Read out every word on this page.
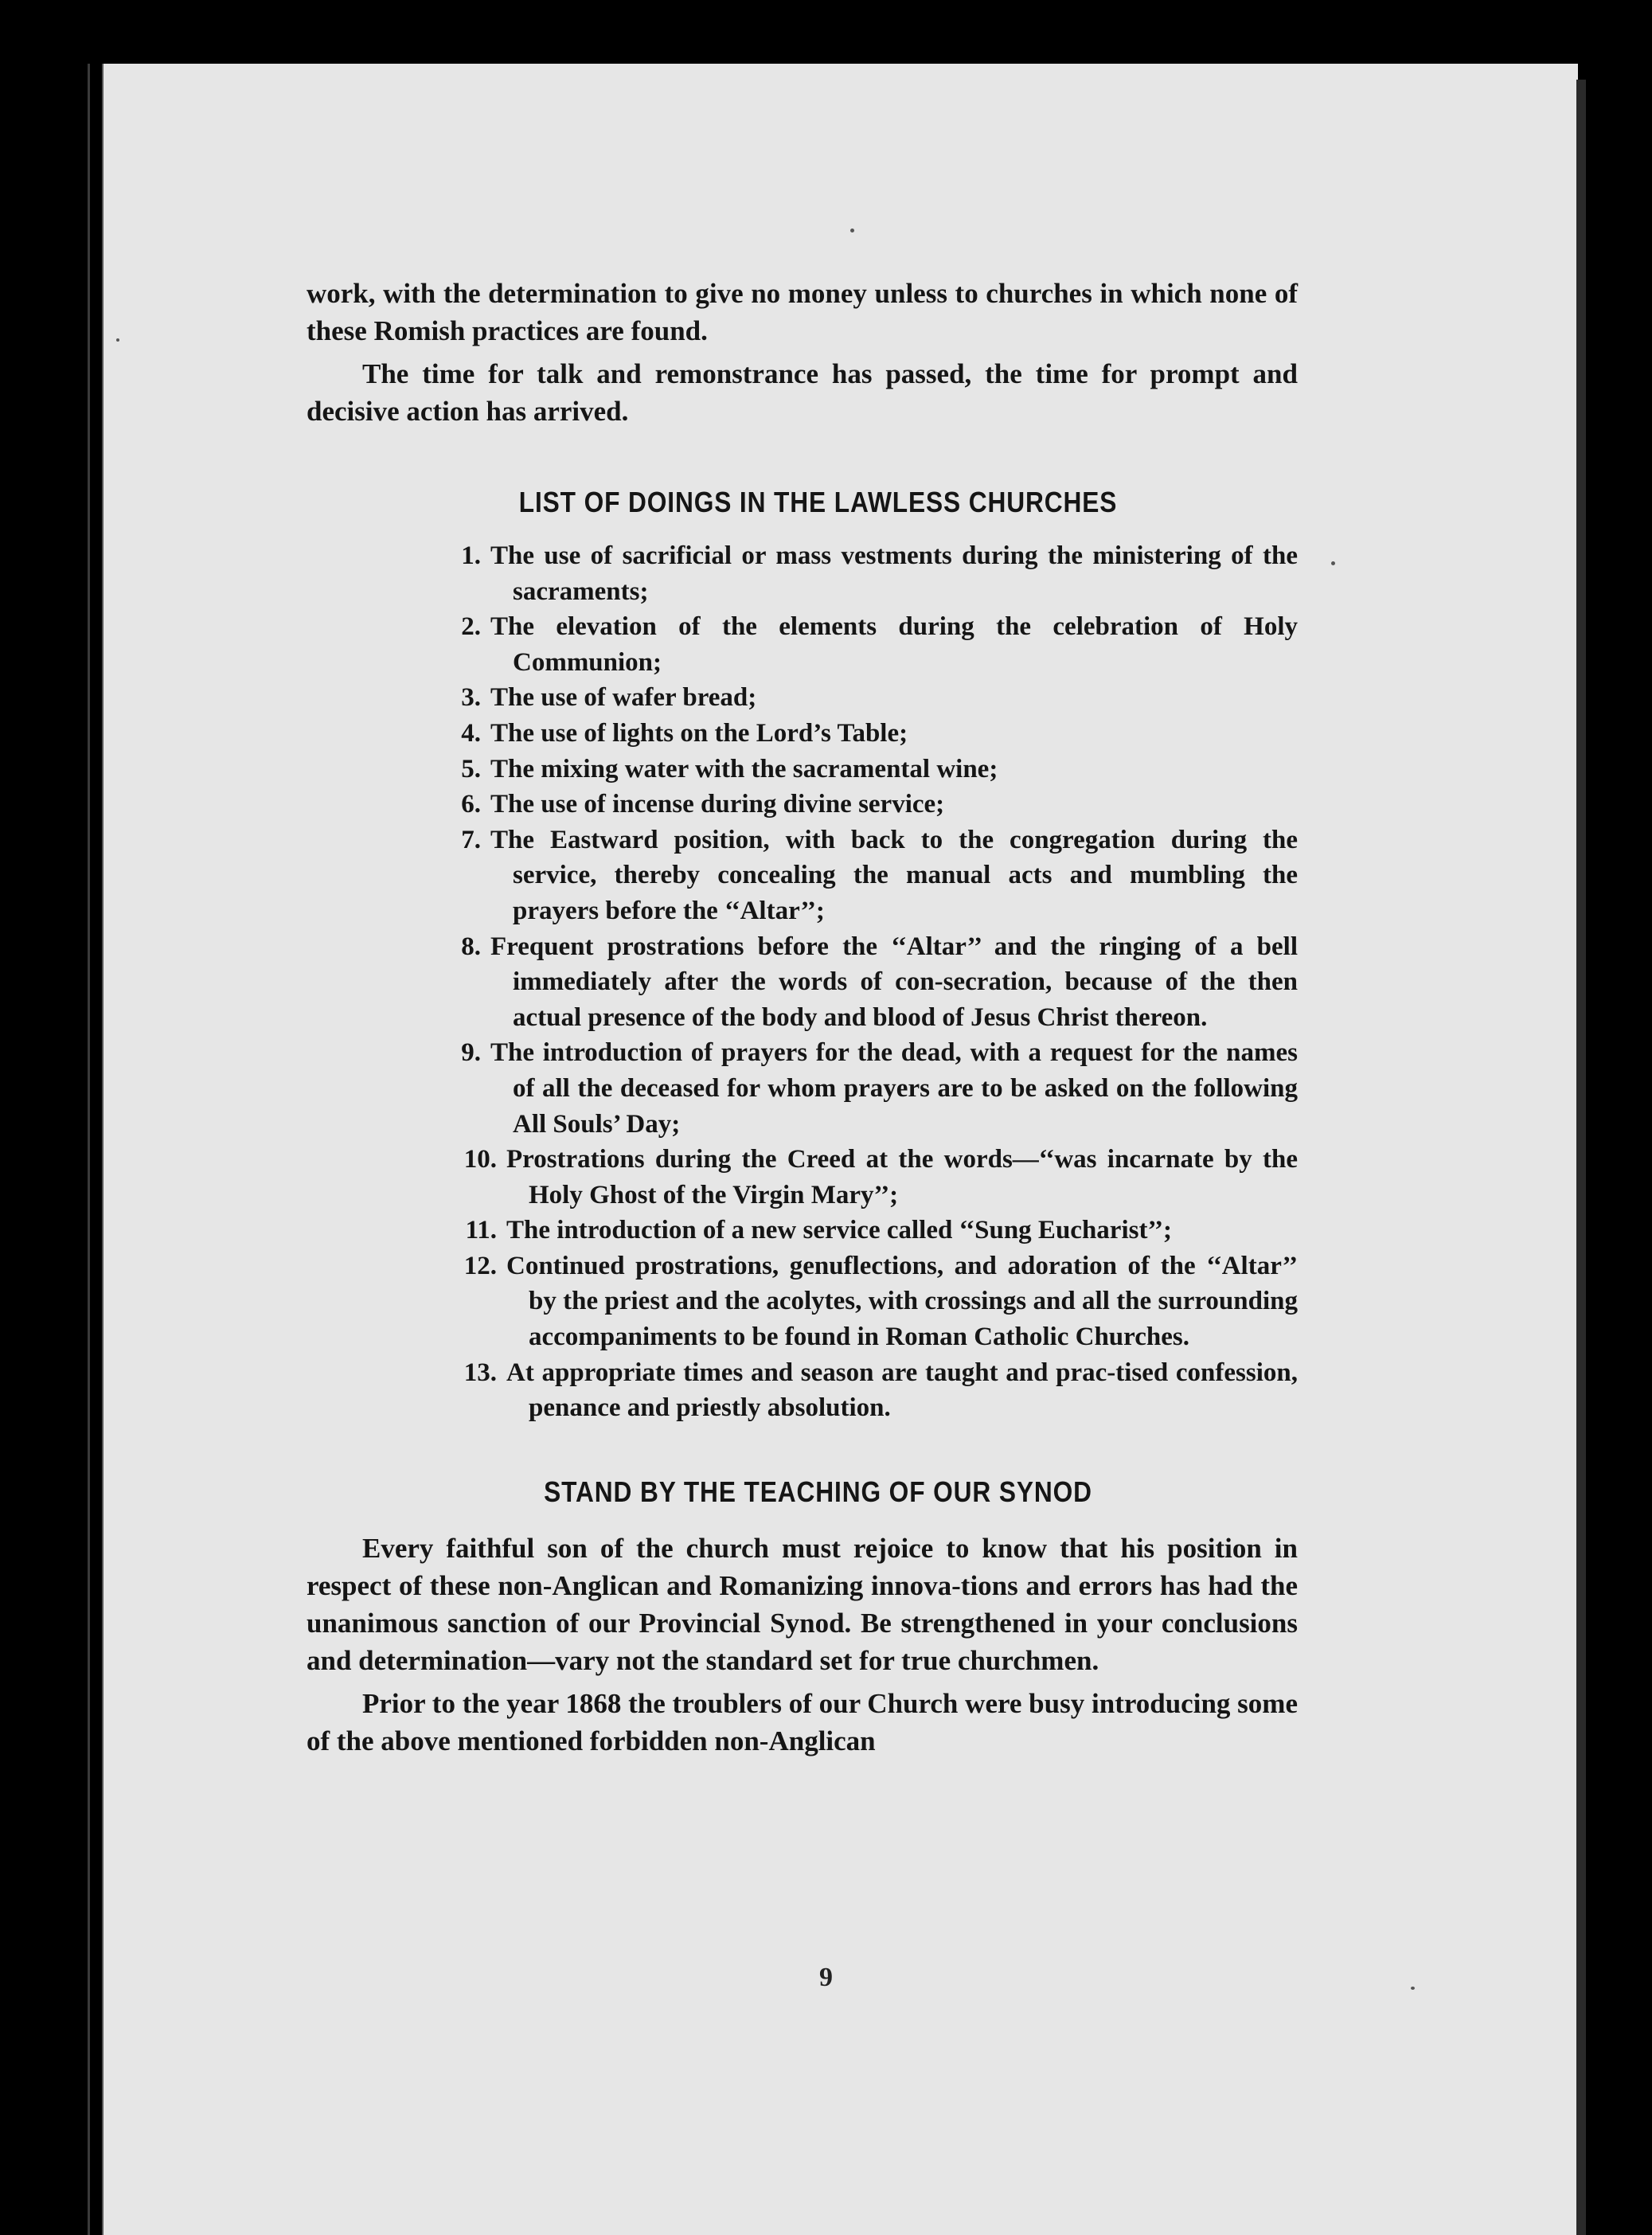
work, with the determination to give no money unless to churches in which none of these Romish practices are found.

The time for talk and remonstrance has passed, the time for prompt and decisive action has arrived.

LIST OF DOINGS IN THE LAWLESS CHURCHES
1. The use of sacrificial or mass vestments during the ministering of the sacraments;
2. The elevation of the elements during the celebration of Holy Communion;
3. The use of wafer bread;
4. The use of lights on the Lord’s Table;
5. The mixing water with the sacramental wine;
6. The use of incense during divine service;
7. The Eastward position, with back to the congregation during the service, thereby concealing the manual acts and mumbling the prayers before the ‘‘Altar’’;
8. Frequent prostrations before the ‘‘Altar’’ and the ringing of a bell immediately after the words of con-secration, because of the then actual presence of the body and blood of Jesus Christ thereon.
9. The introduction of prayers for the dead, with a request for the names of all the deceased for whom prayers are to be asked on the following All Souls’ Day;
10. Prostrations during the Creed at the words—‘‘was incarnate by the Holy Ghost of the Virgin Mary’’;
11. The introduction of a new service called ‘‘Sung Eucharist’’;
12. Continued prostrations, genuflections, and adoration of the ‘‘Altar’’ by the priest and the acolytes, with crossings and all the surrounding accompaniments to be found in Roman Catholic Churches.
13. At appropriate times and season are taught and prac-tised confession, penance and priestly absolution.
STAND BY THE TEACHING OF OUR SYNOD

Every faithful son of the church must rejoice to know that his position in respect of these non-Anglican and Romanizing innova-tions and errors has had the unanimous sanction of our Provincial Synod. Be strengthened in your conclusions and determination—vary not the standard set for true churchmen.

Prior to the year 1868 the troublers of our Church were busy introducing some of the above mentioned forbidden non-Anglican

9
